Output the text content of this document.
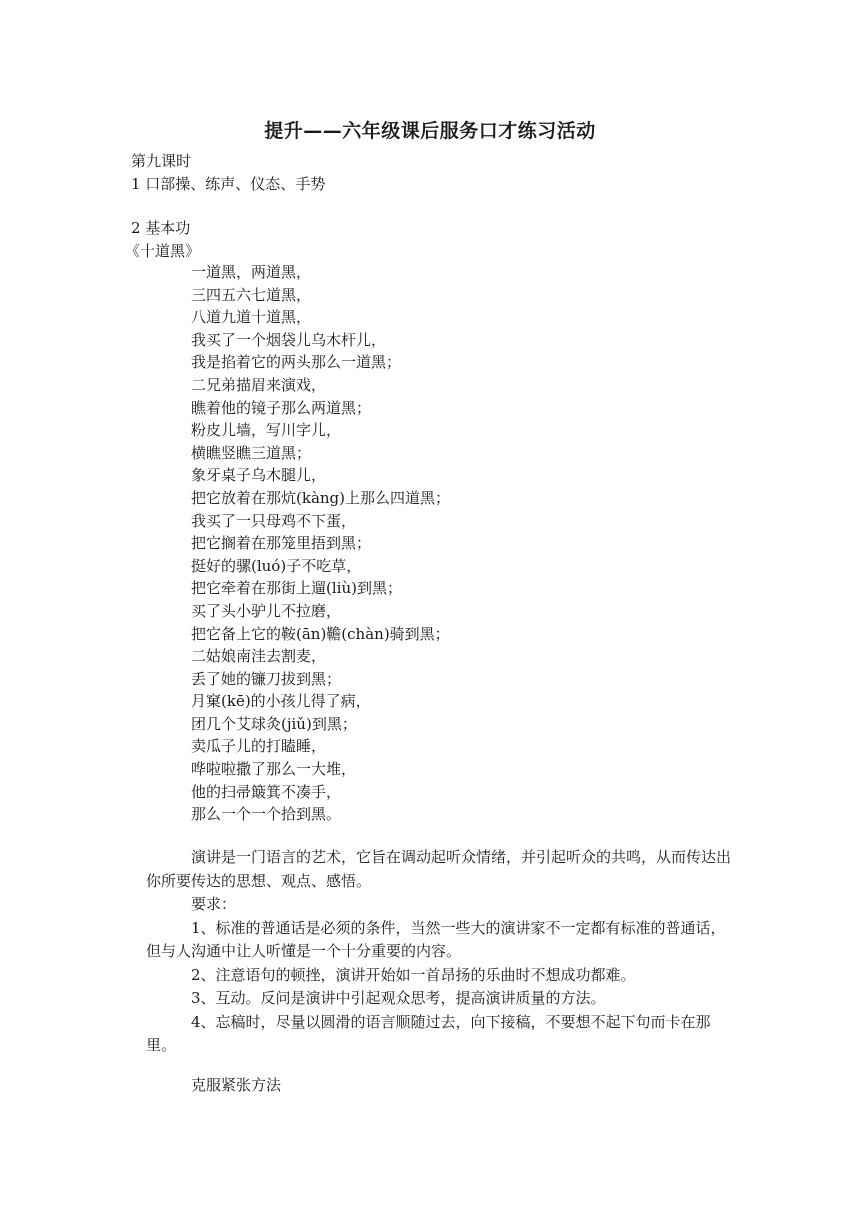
提升——六年级课后服务口才练习活动
第九课时
1 口部操、练声、仪态、手势
2 基本功
《十道黑》
一道黑，两道黑，
三四五六七道黑，
八道九道十道黑，
我买了一个烟袋儿乌木杆儿，
我是掐着它的两头那么一道黑；
二兄弟描眉来演戏，
瞧着他的镜子那么两道黑；
粉皮儿墙，写川字儿，
横瞧竖瞧三道黑；
象牙桌子乌木腿儿，
把它放着在那炕(kàng)上那么四道黑；
我买了一只母鸡不下蛋，
把它搁着在那笼里捂到黑；
挺好的骡(luó)子不吃草，
把它牵着在那街上遛(liù)到黑；
买了头小驴儿不拉磨，
把它备上它的鞍(ān)韂(chàn)骑到黑；
二姑娘南洼去割麦，
丢了她的镰刀拔到黑；
月窠(kē)的小孩儿得了病，
团几个艾球灸(jiǔ)到黑；
卖瓜子儿的打瞌睡，
哗啦啦撒了那么一大堆，
他的扫帚簸箕不凑手，
那么一个一个拾到黑。

演讲是一门语言的艺术，它旨在调动起听众情绪，并引起听众的共鸣，从而传达出你所要传达的思想、观点、感悟。

要求：

1、标准的普通话是必须的条件，当然一些大的演讲家不一定都有标准的普通话，但与人沟通中让人听懂是一个十分重要的内容。

2、注意语句的顿挫，演讲开始如一首昂扬的乐曲时不想成功都难。

3、互动。反问是演讲中引起观众思考，提高演讲质量的方法。

4、忘稿时，尽量以圆滑的语言顺随过去，向下接稿，不要想不起下句而卡在那里。

克服紧张方法
